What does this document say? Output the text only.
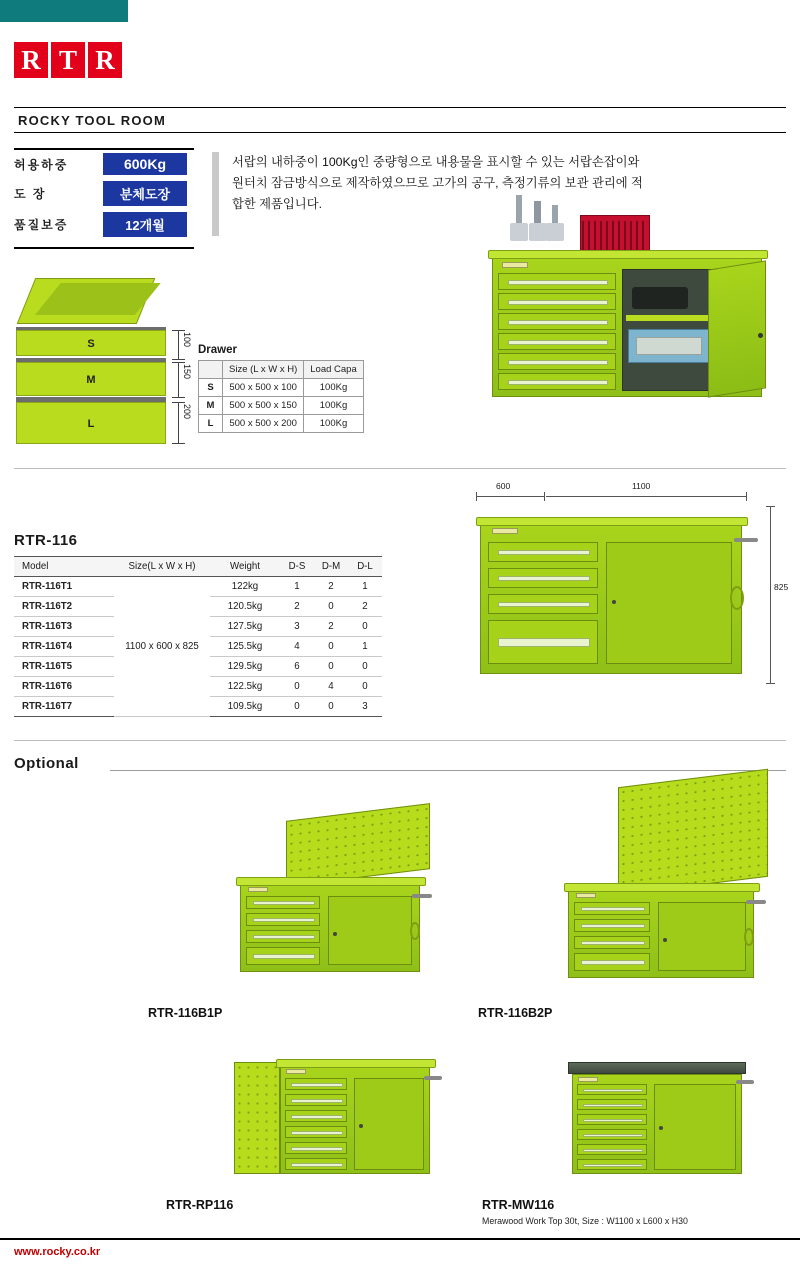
R T R
ROCKY TOOL ROOM
허용하중	600Kg
도 장	분체도장
품질보증	12개월
서랍의 내하중이 100Kg인 중량형으로 내용물을 표시할 수 있는 서랍손잡이와 원터치 잠금방식으로 제작하였으므로 고가의 공구, 측정기류의 보관 관리에 적합한 제품입니다.
S
M
L
100
150
200
Drawer
	Size (L x W x H)	Load Capa
S	500 x 500 x 100	100Kg
M	500 x 500 x 150	100Kg
L	500 x 500 x 200	100Kg
RTR-116
Model	Size(L x W x H)	Weight	D-S	D-M	D-L
RTR-116T1	1100 x 600 x 825	122kg	1	2	1
RTR-116T2		120.5kg	2	0	2
RTR-116T3		127.5kg	3	2	0
RTR-116T4		125.5kg	4	0	1
RTR-116T5		129.5kg	6	0	0
RTR-116T6		122.5kg	0	4	0
RTR-116T7		109.5kg	0	0	3
600	1100
825
Optional
RTR-116B1P	RTR-116B2P
RTR-RP116	RTR-MW116
Merawood Work Top 30t, Size : W1100 x L600 x H30
www.rocky.co.kr
